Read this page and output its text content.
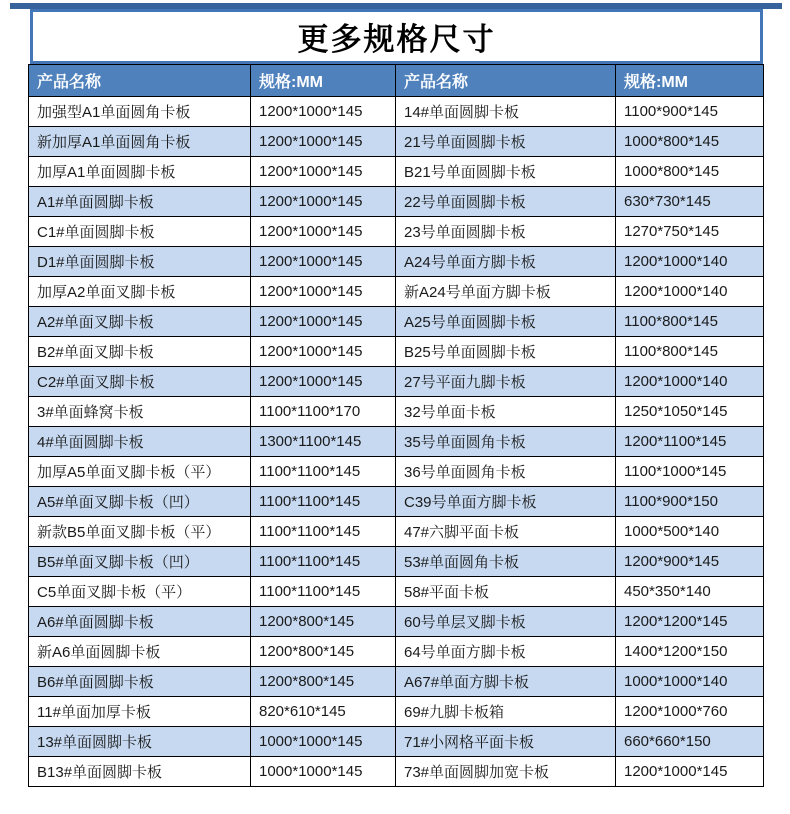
更多规格尺寸
产品名称	规格:MM	产品名称	规格:MM
加强型A1单面圆角卡板	1200*1000*145	14#单面圆脚卡板	1100*900*145
新加厚A1单面圆角卡板	1200*1000*145	21号单面圆脚卡板	1000*800*145
加厚A1单面圆脚卡板	1200*1000*145	B21号单面圆脚卡板	1000*800*145
A1#单面圆脚卡板	1200*1000*145	22号单面圆脚卡板	630*730*145
C1#单面圆脚卡板	1200*1000*145	23号单面圆脚卡板	1270*750*145
D1#单面圆脚卡板	1200*1000*145	A24号单面方脚卡板	1200*1000*140
加厚A2单面叉脚卡板	1200*1000*145	新A24号单面方脚卡板	1200*1000*140
A2#单面叉脚卡板	1200*1000*145	A25号单面圆脚卡板	1100*800*145
B2#单面叉脚卡板	1200*1000*145	B25号单面圆脚卡板	1100*800*145
C2#单面叉脚卡板	1200*1000*145	27号平面九脚卡板	1200*1000*140
3#单面蜂窝卡板	1100*1100*170	32号单面卡板	1250*1050*145
4#单面圆脚卡板	1300*1100*145	35号单面圆角卡板	1200*1100*145
加厚A5单面叉脚卡板（平）	1100*1100*145	36号单面圆角卡板	1100*1000*145
A5#单面叉脚卡板（凹）	1100*1100*145	C39号单面方脚卡板	1100*900*150
新款B5单面叉脚卡板（平）	1100*1100*145	47#六脚平面卡板	1000*500*140
B5#单面叉脚卡板（凹）	1100*1100*145	53#单面圆角卡板	1200*900*145
C5单面叉脚卡板（平）	1100*1100*145	58#平面卡板	450*350*140
A6#单面圆脚卡板	1200*800*145	60号单层叉脚卡板	1200*1200*145
新A6单面圆脚卡板	1200*800*145	64号单面方脚卡板	1400*1200*150
B6#单面圆脚卡板	1200*800*145	A67#单面方脚卡板	1000*1000*140
11#单面加厚卡板	820*610*145	69#九脚卡板箱	1200*1000*760
13#单面圆脚卡板	1000*1000*145	71#小网格平面卡板	660*660*150
B13#单面圆脚卡板	1000*1000*145	73#单面圆脚加宽卡板	1200*1000*145
